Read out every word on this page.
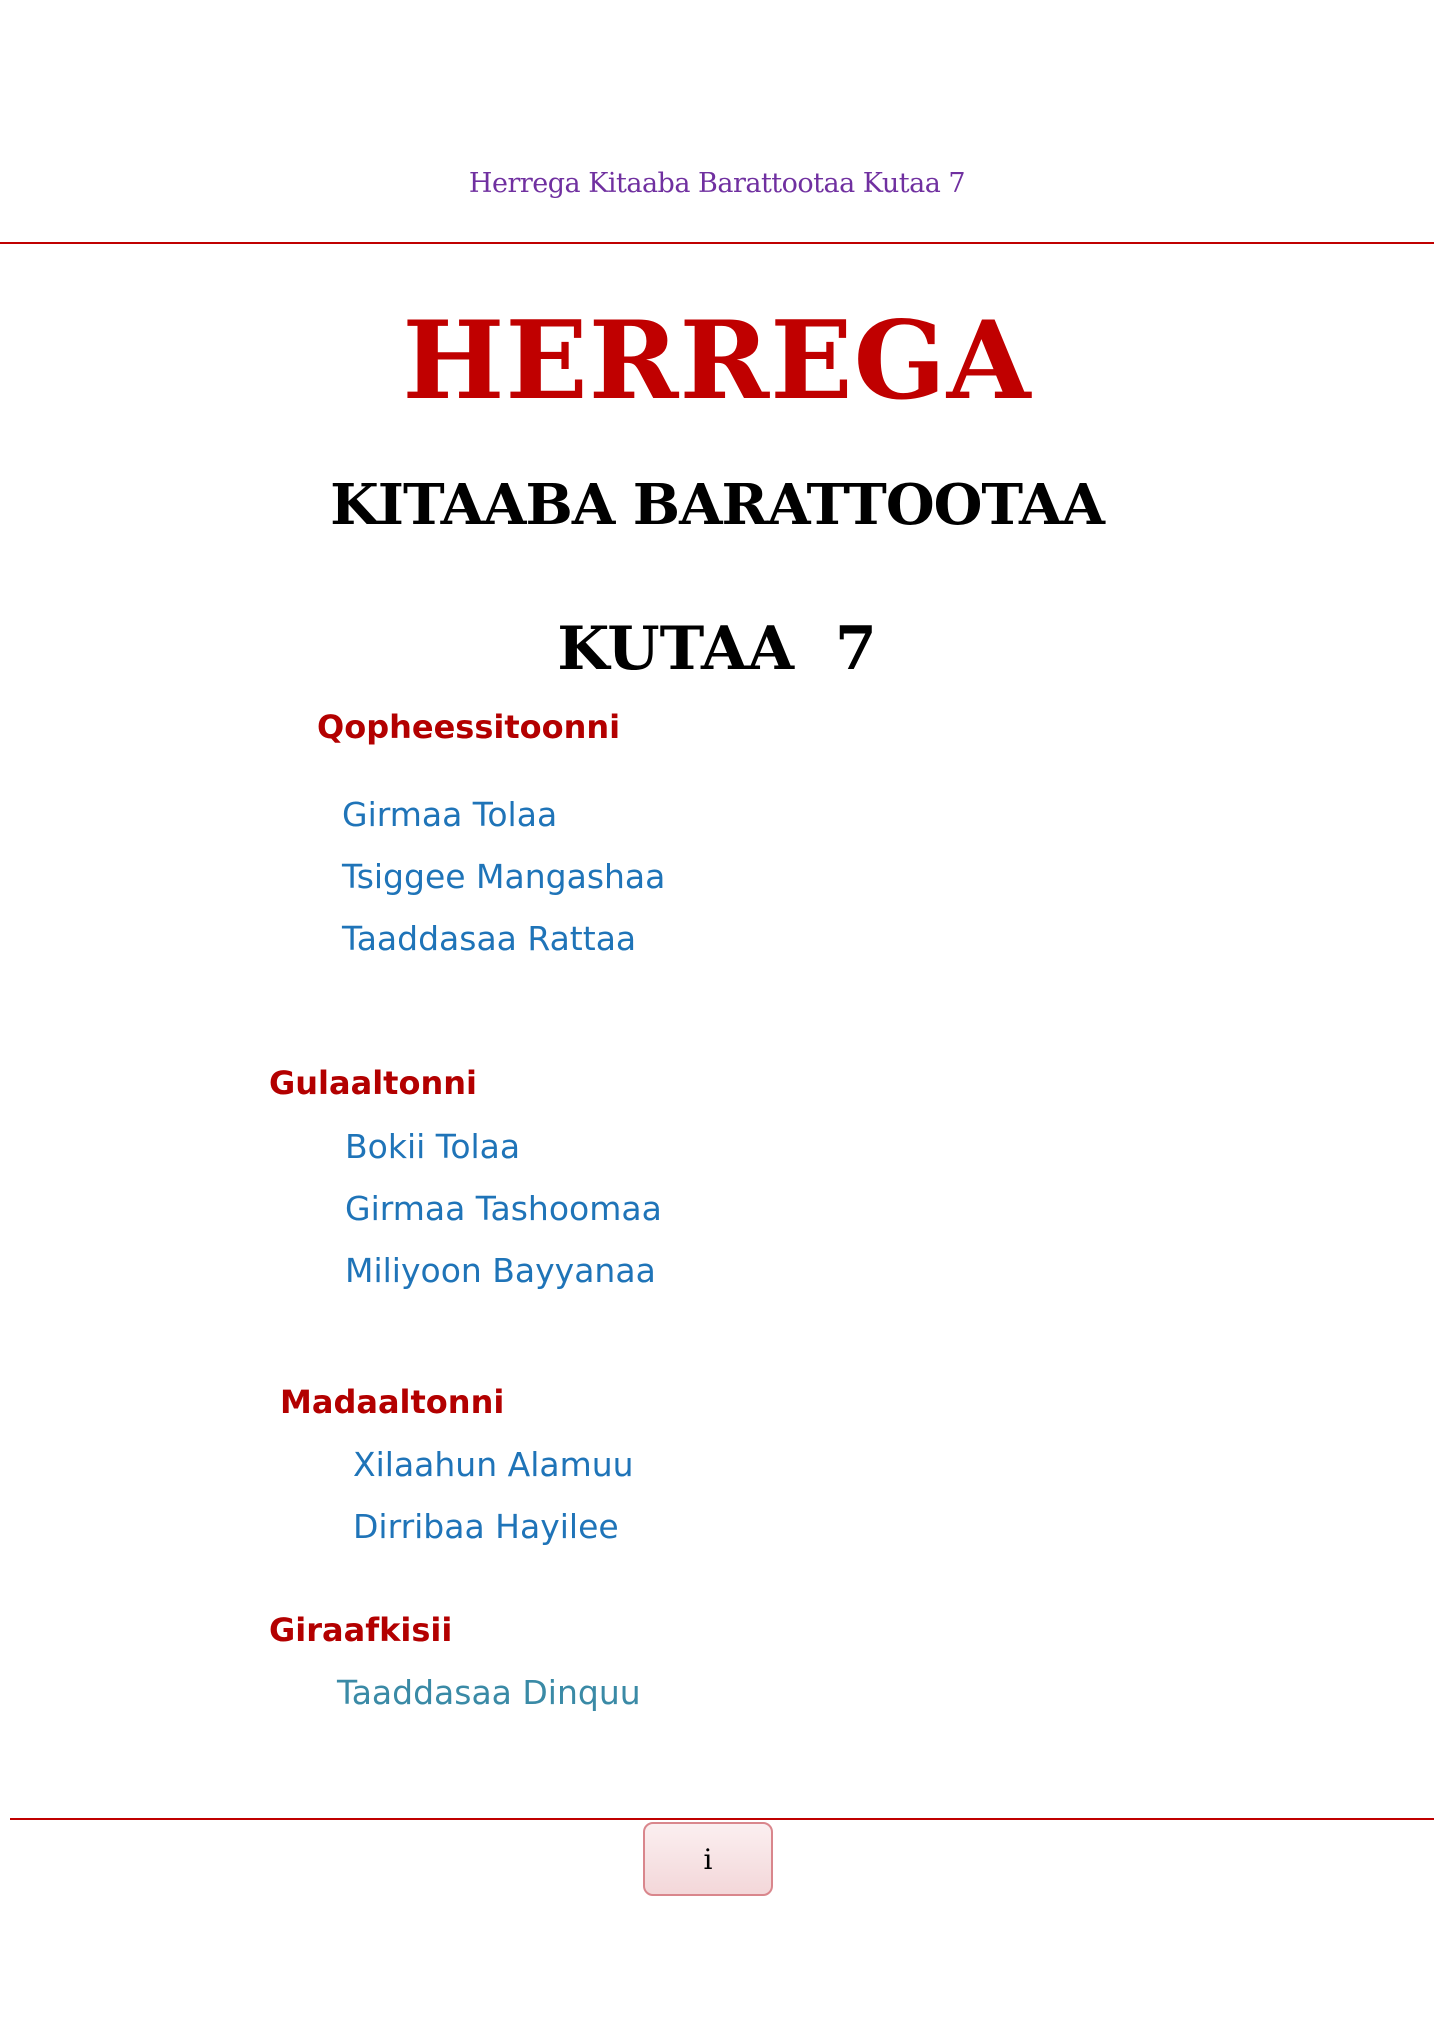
Herrega Kitaaba Barattootaa Kutaa 7
HERREGA
KITAABA BARATTOOTAA
KUTAA 7
Qopheessitoonni
Girmaa Tolaa
Tsiggee Mangashaa
Taaddasaa Rattaa
Gulaaltonni
Bokii Tolaa
Girmaa Tashoomaa
Miliyoon Bayyanaa
Madaaltonni
Xilaahun Alamuu
Dirribaa Hayilee
Giraafkisii
Taaddasaa Dinquu
i
